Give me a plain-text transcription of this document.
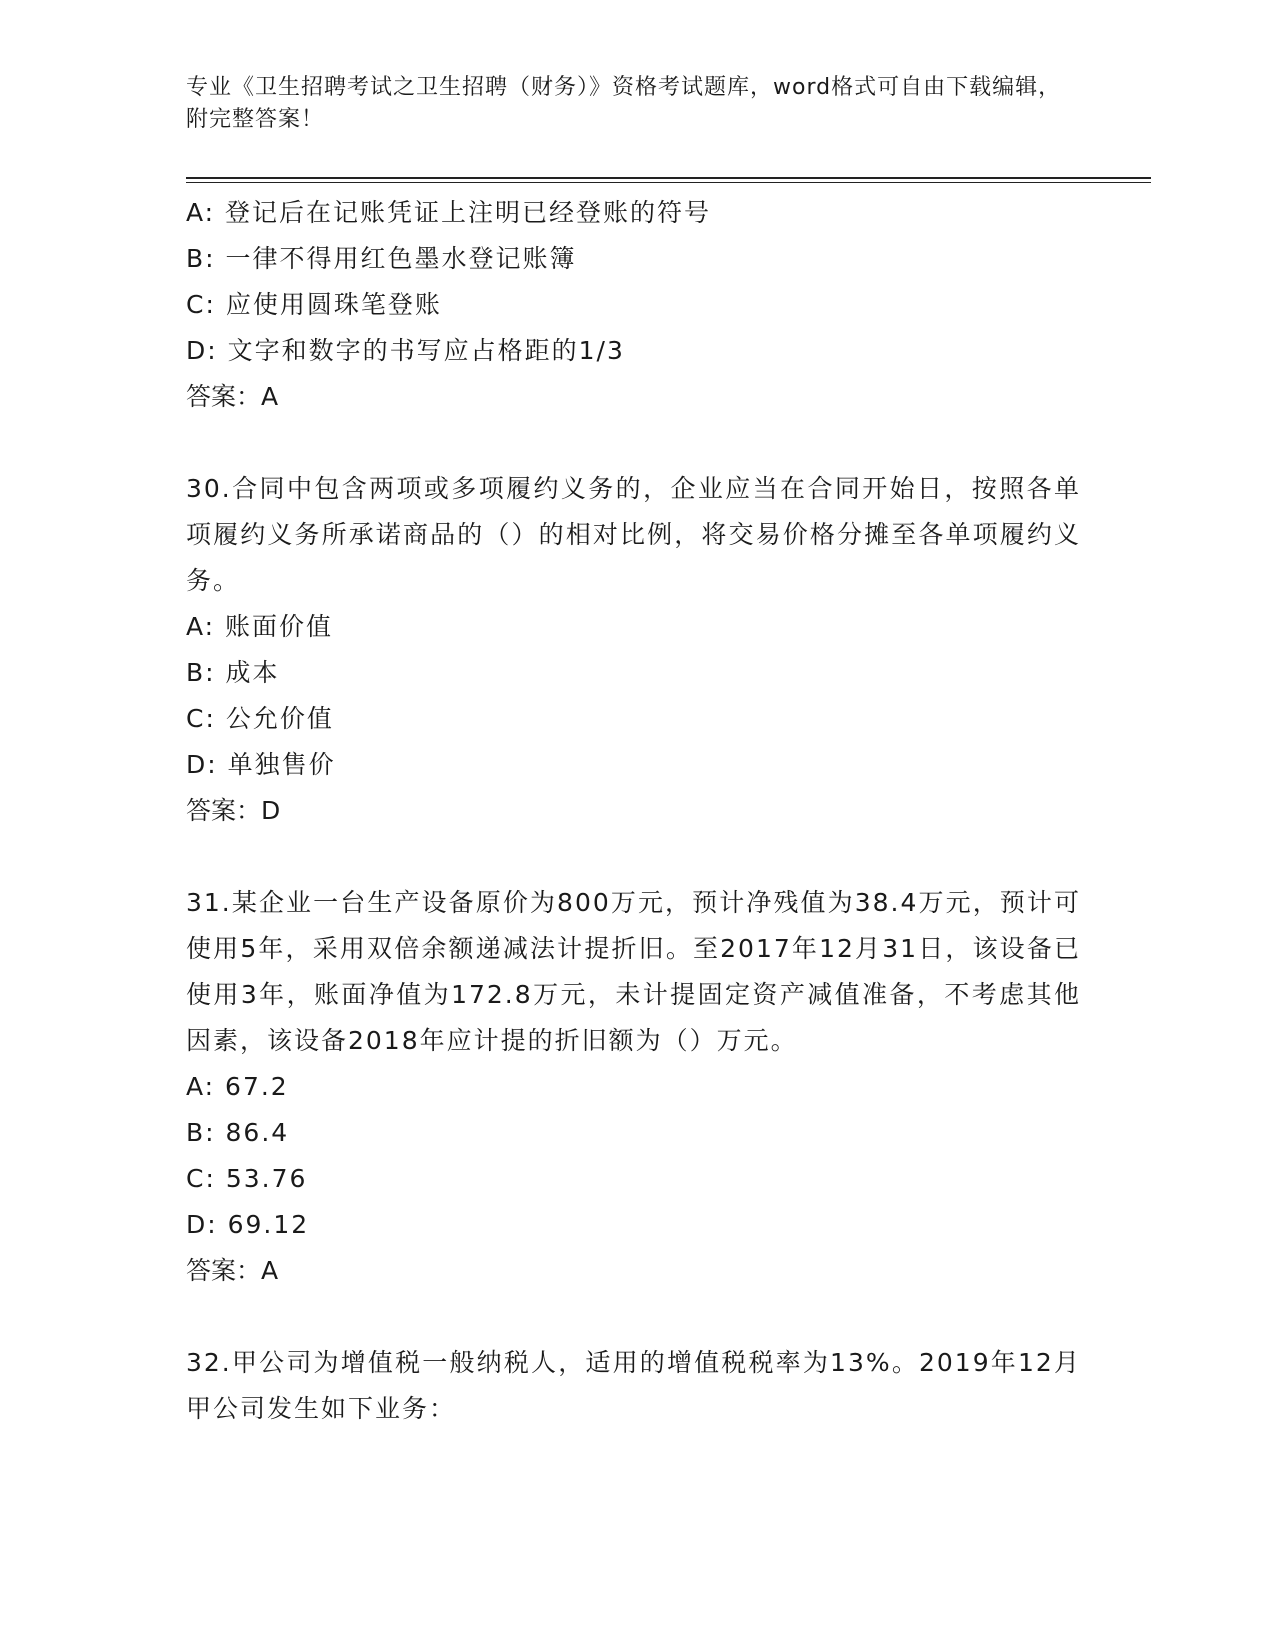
专业《卫生招聘考试之卫生招聘（财务）》资格考试题库，word格式可自由下载编辑，附完整答案！
A: 登记后在记账凭证上注明已经登账的符号
B: 一律不得用红色墨水登记账簿
C: 应使用圆珠笔登账
D: 文字和数字的书写应占格距的1/3
答案：A
30.合同中包含两项或多项履约义务的，企业应当在合同开始日，按照各单项履约义务所承诺商品的（）的相对比例，将交易价格分摊至各单项履约义务。
A: 账面价值
B: 成本
C: 公允价值
D: 单独售价
答案：D
31.某企业一台生产设备原价为800万元，预计净残值为38.4万元，预计可使用5年，采用双倍余额递减法计提折旧。至2017年12月31日，该设备已使用3年，账面净值为172.8万元，未计提固定资产减值准备，不考虑其他因素，该设备2018年应计提的折旧额为（）万元。
A: 67.2
B: 86.4
C: 53.76
D: 69.12
答案：A
32.甲公司为增值税一般纳税人，适用的增值税税率为13%。2019年12月甲公司发生如下业务：
